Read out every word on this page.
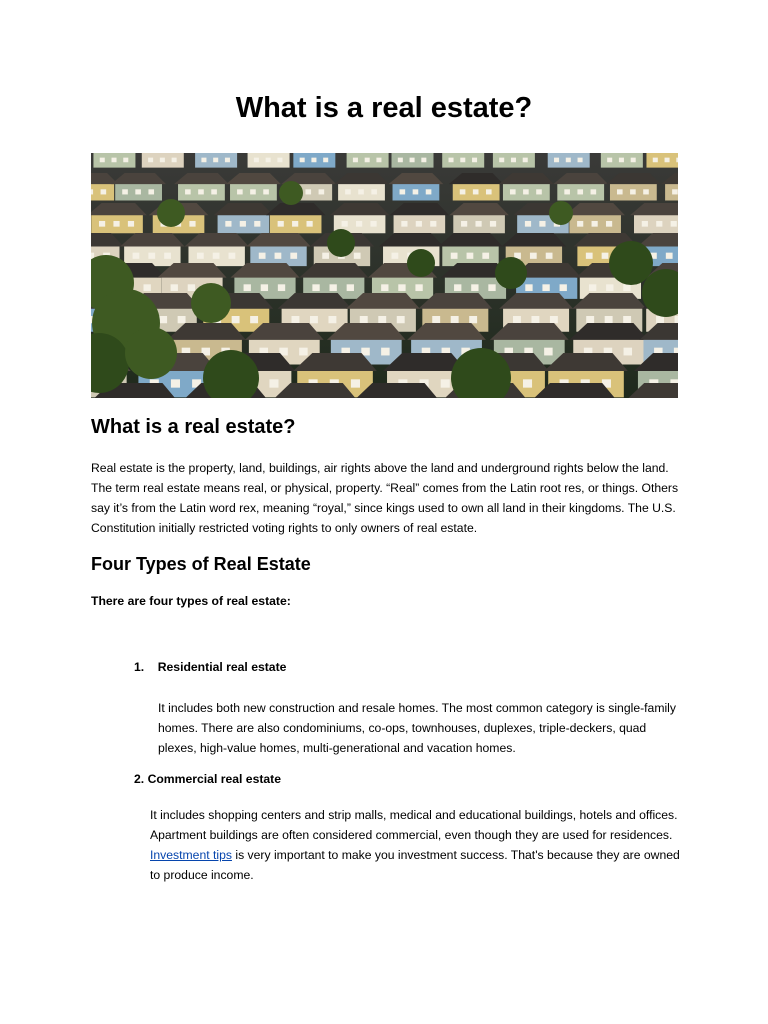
What is a real estate?
What is a real estate?
Real estate is the property, land, buildings, air rights above the land and underground rights below the land. The term real estate means real, or physical, property. “Real” comes from the Latin root res, or things. Others say it’s from the Latin word rex, meaning “royal,” since kings used to own all land in their kingdoms. The U.S. Constitution initially restricted voting rights to only owners of real estate.
Four Types of Real Estate
There are four types of real estate:
1. Residential real estate
It includes both new construction and resale homes. The most common category is single-family homes. There are also condominiums, co-ops, townhouses, duplexes, triple-deckers, quad plexes, high-value homes, multi-generational and vacation homes.
2. Commercial real estate
It includes shopping centers and strip malls, medical and educational buildings, hotels and offices. Apartment buildings are often considered commercial, even though they are used for residences. Investment tips is very important to make you investment success. That's because they are owned to produce income.
